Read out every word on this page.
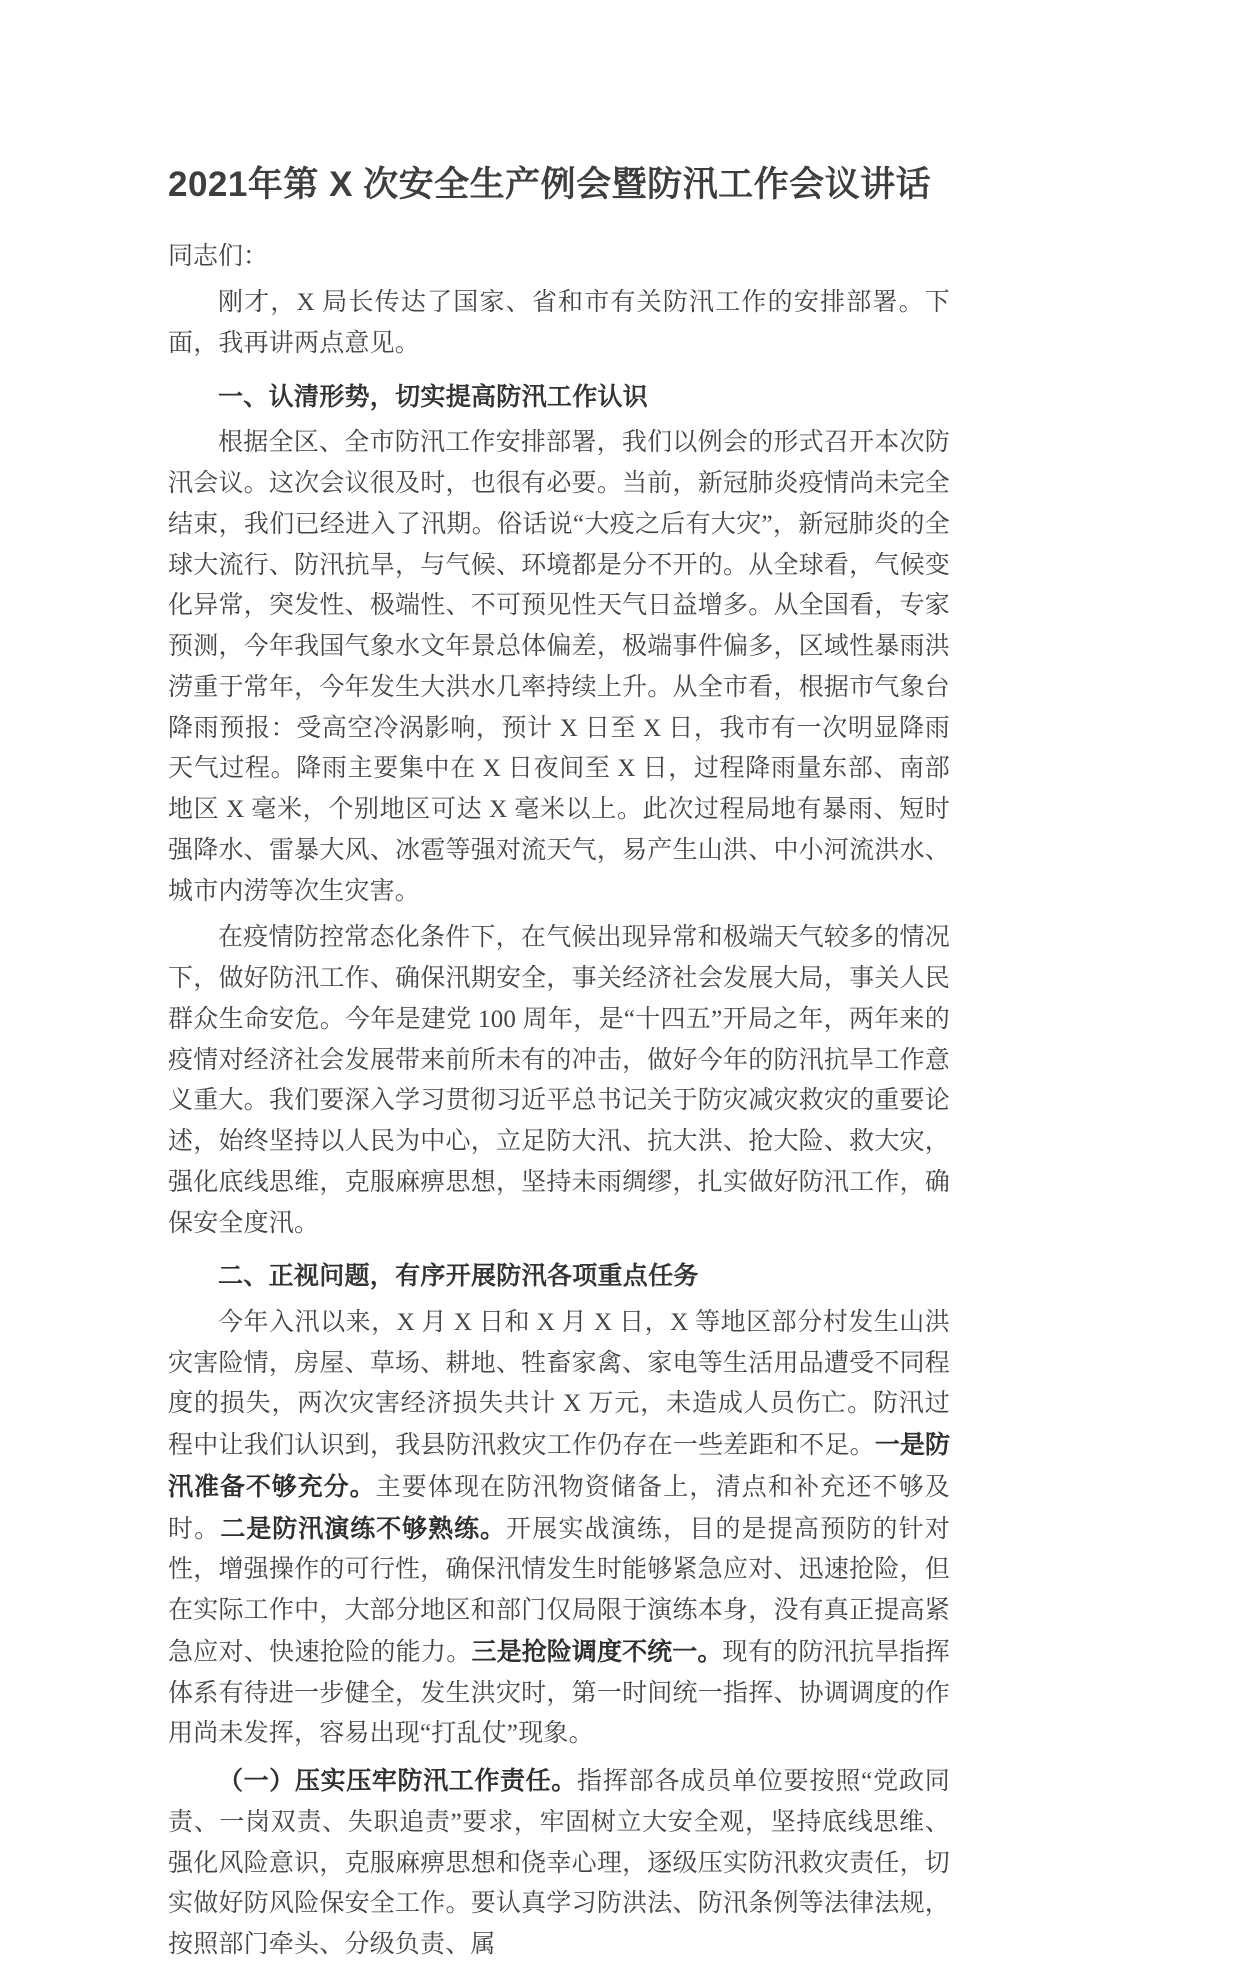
2021年第 X 次安全生产例会暨防汛工作会议讲话
同志们：

刚才，X 局长传达了国家、省和市有关防汛工作的安排部署。下面，我再讲两点意见。

一、认清形势，切实提高防汛工作认识

根据全区、全市防汛工作安排部署，我们以例会的形式召开本次防汛会议。这次会议很及时，也很有必要。当前，新冠肺炎疫情尚未完全结束，我们已经进入了汛期。俗话说“大疫之后有大灾”，新冠肺炎的全球大流行、防汛抗旱，与气候、环境都是分不开的。从全球看，气候变化异常，突发性、极端性、不可预见性天气日益增多。从全国看，专家预测，今年我国气象水文年景总体偏差，极端事件偏多，区域性暴雨洪涝重于常年，今年发生大洪水几率持续上升。从全市看，根据市气象台降雨预报：受高空冷涡影响，预计 X 日至 X 日，我市有一次明显降雨天气过程。降雨主要集中在 X 日夜间至 X 日，过程降雨量东部、南部地区 X 毫米，个别地区可达 X 毫米以上。此次过程局地有暴雨、短时强降水、雷暴大风、冰雹等强对流天气，易产生山洪、中小河流洪水、城市内涝等次生灾害。

在疫情防控常态化条件下，在气候出现异常和极端天气较多的情况下，做好防汛工作、确保汛期安全，事关经济社会发展大局，事关人民群众生命安危。今年是建党 100 周年，是“十四五”开局之年，两年来的疫情对经济社会发展带来前所未有的冲击，做好今年的防汛抗旱工作意义重大。我们要深入学习贯彻习近平总书记关于防灾减灾救灾的重要论述，始终坚持以人民为中心，立足防大汛、抗大洪、抢大险、救大灾，强化底线思维，克服麻痹思想，坚持未雨绸缪，扎实做好防汛工作，确保安全度汛。

二、正视问题，有序开展防汛各项重点任务

今年入汛以来，X 月 X 日和 X 月 X 日，X 等地区部分村发生山洪灾害险情，房屋、草场、耕地、牲畜家禽、家电等生活用品遭受不同程度的损失，两次灾害经济损失共计 X 万元，未造成人员伤亡。防汛过程中让我们认识到，我县防汛救灾工作仍存在一些差距和不足。一是防汛准备不够充分。主要体现在防汛物资储备上，清点和补充还不够及时。二是防汛演练不够熟练。开展实战演练，目的是提高预防的针对性，增强操作的可行性，确保汛情发生时能够紧急应对、迅速抢险，但在实际工作中，大部分地区和部门仅局限于演练本身，没有真正提高紧急应对、快速抢险的能力。三是抢险调度不统一。现有的防汛抗旱指挥体系有待进一步健全，发生洪灾时，第一时间统一指挥、协调调度的作用尚未发挥，容易出现“打乱仗”现象。

（一）压实压牢防汛工作责任。指挥部各成员单位要按照“党政同责、一岗双责、失职追责”要求，牢固树立大安全观，坚持底线思维、强化风险意识，克服麻痹思想和侥幸心理，逐级压实防汛救灾责任，切实做好防风险保安全工作。要认真学习防洪法、防汛条例等法律法规，按照部门牵头、分级负责、属
